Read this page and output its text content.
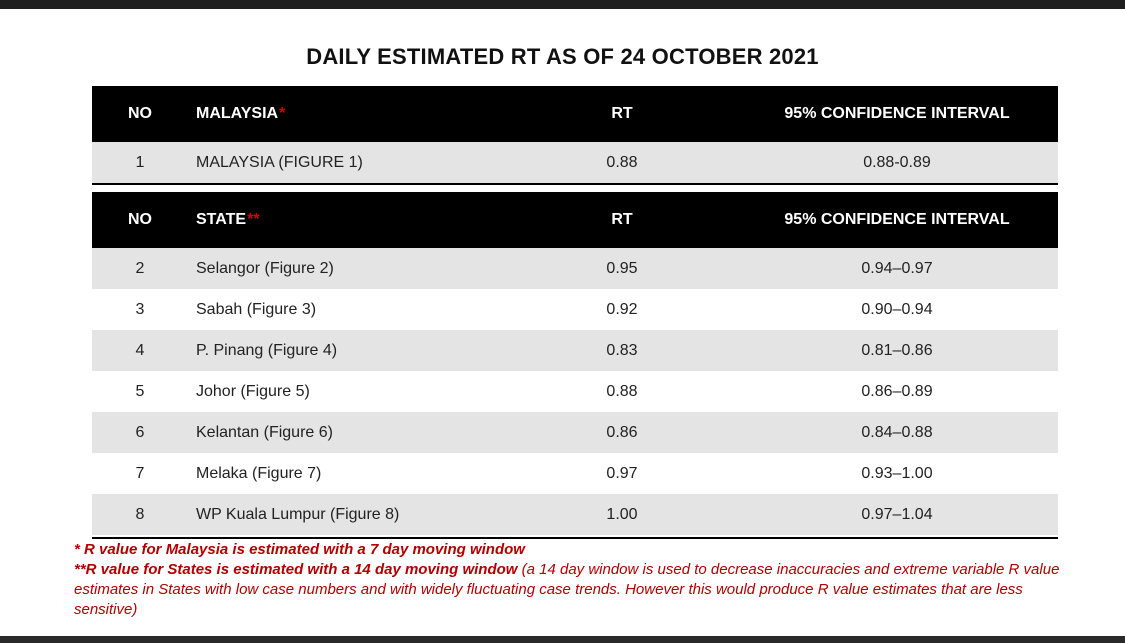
DAILY ESTIMATED RT AS OF 24 OCTOBER 2021
NO	MALAYSIA *	RT	95% CONFIDENCE INTERVAL
1	MALAYSIA (FIGURE 1)	0.88	0.88-0.89
NO	STATE **	RT	95% CONFIDENCE INTERVAL
2	Selangor (Figure 2)	0.95	0.94–0.97
3	Sabah (Figure 3)	0.92	0.90–0.94
4	P. Pinang (Figure 4)	0.83	0.81–0.86
5	Johor (Figure 5)	0.88	0.86–0.89
6	Kelantan (Figure 6)	0.86	0.84–0.88
7	Melaka (Figure 7)	0.97	0.93–1.00
8	WP Kuala Lumpur (Figure 8)	1.00	0.97–1.04
* R value for Malaysia is estimated with a 7 day moving window
**R value for States is estimated with a 14 day moving window (a 14 day window is used to decrease inaccuracies and extreme variable R value estimates in States with low case numbers and with widely fluctuating case trends. However this would produce R value estimates that are less sensitive)
